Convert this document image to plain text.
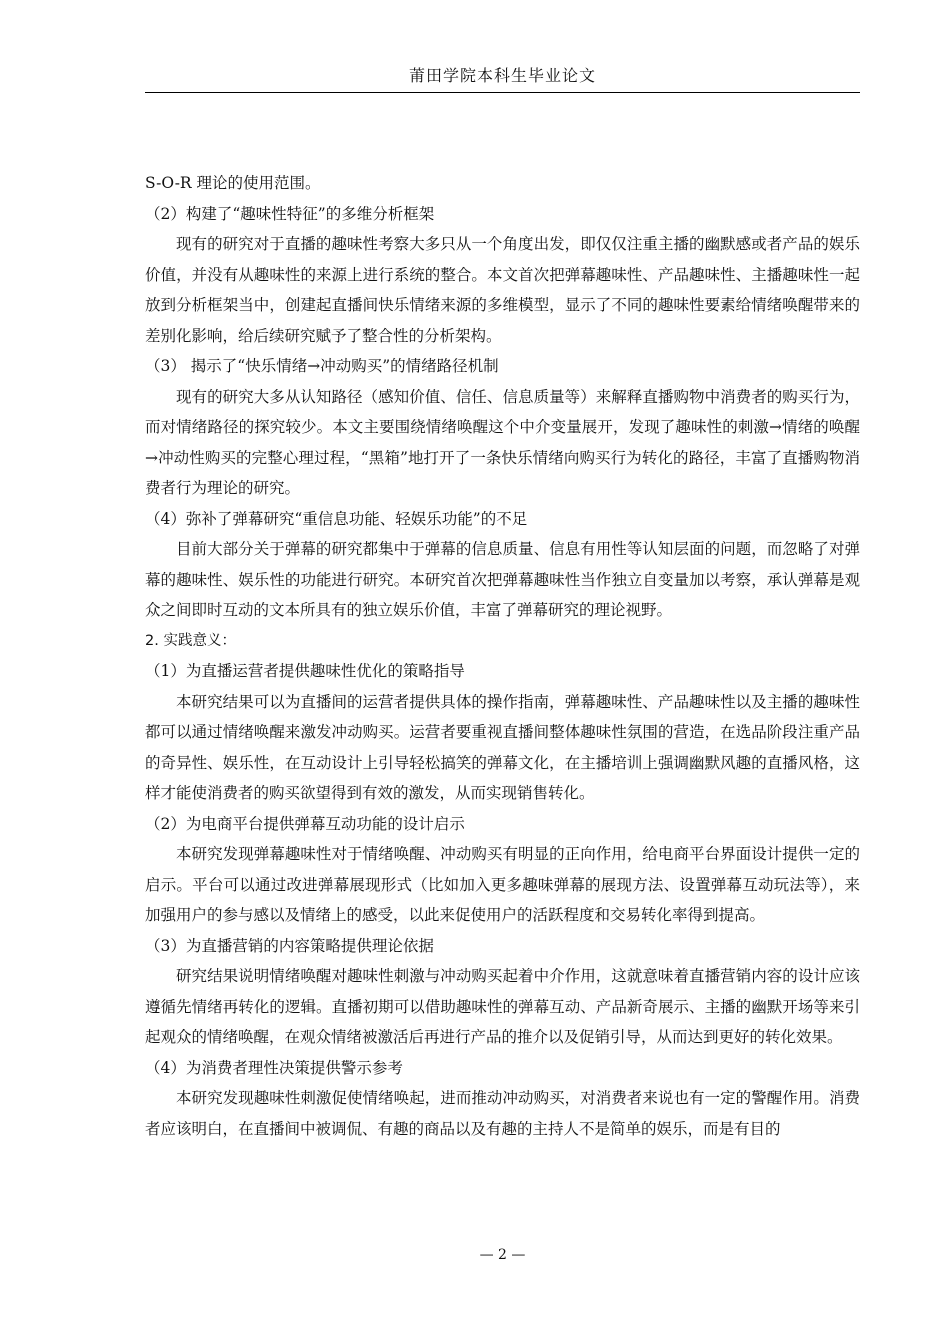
莆田学院本科生毕业论文

S-O-R 理论的使用范围。

（2）构建了“趣味性特征”的多维分析框架

现有的研究对于直播的趣味性考察大多只从一个角度出发，即仅仅注重主播的幽默感或者产品的娱乐价值，并没有从趣味性的来源上进行系统的整合。本文首次把弹幕趣味性、产品趣味性、主播趣味性一起放到分析框架当中，创建起直播间快乐情绪来源的多维模型，显示了不同的趣味性要素给情绪唤醒带来的差别化影响，给后续研究赋予了整合性的分析架构。

（3） 揭示了“快乐情绪→冲动购买”的情绪路径机制

现有的研究大多从认知路径（感知价值、信任、信息质量等）来解释直播购物中消费者的购买行为，而对情绪路径的探究较少。本文主要围绕情绪唤醒这个中介变量展开，发现了趣味性的刺激→情绪的唤醒→冲动性购买的完整心理过程，“黑箱”地打开了一条快乐情绪向购买行为转化的路径，丰富了直播购物消费者行为理论的研究。

（4）弥补了弹幕研究“重信息功能、轻娱乐功能”的不足

目前大部分关于弹幕的研究都集中于弹幕的信息质量、信息有用性等认知层面的问题，而忽略了对弹幕的趣味性、娱乐性的功能进行研究。本研究首次把弹幕趣味性当作独立自变量加以考察，承认弹幕是观众之间即时互动的文本所具有的独立娱乐价值，丰富了弹幕研究的理论视野。

2. 实践意义：

（1）为直播运营者提供趣味性优化的策略指导

本研究结果可以为直播间的运营者提供具体的操作指南，弹幕趣味性、产品趣味性以及主播的趣味性都可以通过情绪唤醒来激发冲动购买。运营者要重视直播间整体趣味性氛围的营造，在选品阶段注重产品的奇异性、娱乐性，在互动设计上引导轻松搞笑的弹幕文化，在主播培训上强调幽默风趣的直播风格，这样才能使消费者的购买欲望得到有效的激发，从而实现销售转化。

（2）为电商平台提供弹幕互动功能的设计启示

本研究发现弹幕趣味性对于情绪唤醒、冲动购买有明显的正向作用，给电商平台界面设计提供一定的启示。平台可以通过改进弹幕展现形式（比如加入更多趣味弹幕的展现方法、设置弹幕互动玩法等），来加强用户的参与感以及情绪上的感受，以此来促使用户的活跃程度和交易转化率得到提高。

（3）为直播营销的内容策略提供理论依据

研究结果说明情绪唤醒对趣味性刺激与冲动购买起着中介作用，这就意味着直播营销内容的设计应该遵循先情绪再转化的逻辑。直播初期可以借助趣味性的弹幕互动、产品新奇展示、主播的幽默开场等来引起观众的情绪唤醒，在观众情绪被激活后再进行产品的推介以及促销引导，从而达到更好的转化效果。

（4）为消费者理性决策提供警示参考

本研究发现趣味性刺激促使情绪唤起，进而推动冲动购买，对消费者来说也有一定的警醒作用。消费者应该明白，在直播间中被调侃、有趣的商品以及有趣的主持人不是简单的娱乐，而是有目的

— 2 —
